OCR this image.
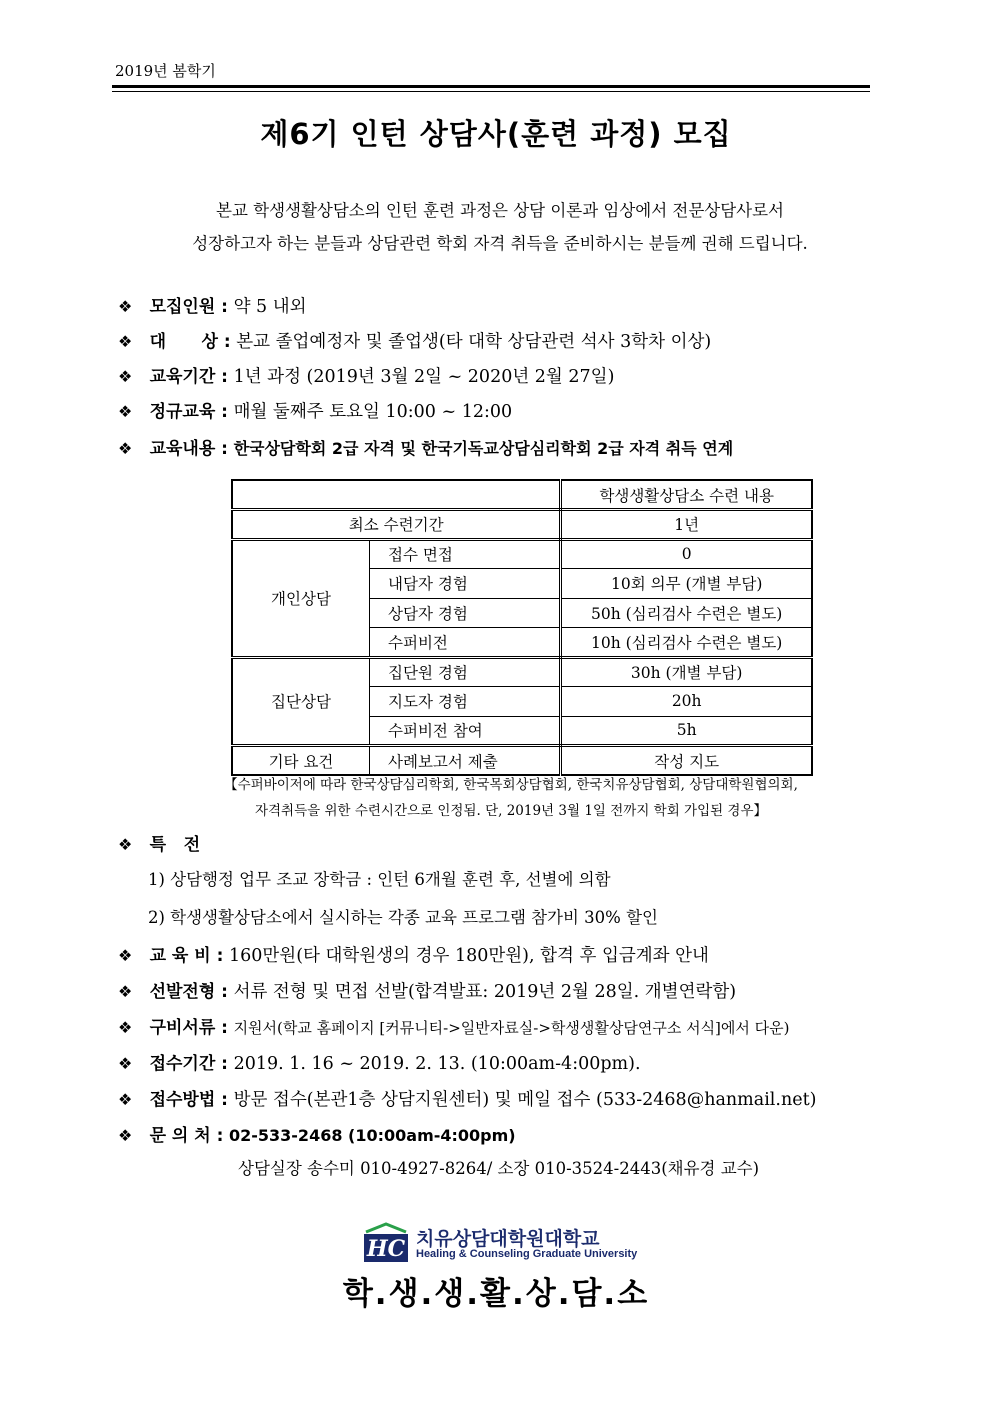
2019년 봄학기
제6기 인턴 상담사(훈련 과정) 모집
본교 학생생활상담소의 인턴 훈련 과정은 상담 이론과 임상에서 전문상담사로서
성장하고자 하는 분들과 상담관련 학회 자격 취득을 준비하시는 분들께 권해 드립니다.
❖ 모집인원 : 약 5 내외
❖ 대      상 : 본교 졸업예정자 및 졸업생(타 대학 상담관련 석사 3학차 이상)
❖ 교육기간 : 1년 과정 (2019년 3월 2일 ~ 2020년 2월 27일)
❖ 정규교육 : 매월 둘째주 토요일 10:00 ~ 12:00
❖ 교육내용 : 한국상담학회 2급 자격 및 한국기독교상담심리학회 2급 자격 취득 연계
		학생생활상담소 수련 내용
최소 수련기간		1년
개인상담	접수 면접	0
	내담자 경험	10회 의무 (개별 부담)
	상담자 경험	50h (심리검사 수련은 별도)
	수퍼비전	10h (심리검사 수련은 별도)
집단상담	집단원 경험	30h (개별 부담)
	지도자 경험	20h
	수퍼비전 참여	5h
기타 요건	사례보고서 제출	작성 지도
【수퍼바이저에 따라 한국상담심리학회, 한국목회상담협회, 한국치유상담협회, 상담대학원협의회,
자격취득을 위한 수련시간으로 인정됨. 단, 2019년 3월 1일 전까지 학회 가입된 경우】
❖ 특   전
1) 상담행정 업무 조교 장학금 : 인턴 6개월 훈련 후, 선별에 의함
2) 학생생활상담소에서 실시하는 각종 교육 프로그램 참가비 30% 할인
❖ 교 육 비 : 160만원(타 대학원생의 경우 180만원), 합격 후 입금계좌 안내
❖ 선발전형 : 서류 전형 및 면접 선발(합격발표: 2019년 2월 28일. 개별연락함)
❖ 구비서류 : 지원서(학교 홈페이지 [커뮤니티->일반자료실->학생생활상담연구소 서식]에서 다운)
❖ 접수기간 : 2019. 1. 16 ~ 2019. 2. 13. (10:00am-4:00pm).
❖ 접수방법 : 방문 접수(본관1층 상담지원센터) 및 메일 접수 (533-2468@hanmail.net)
❖ 문 의 처 : 02-533-2468 (10:00am-4:00pm)
상담실장 송수미 010-4927-8264/ 소장 010-3524-2443(채유경 교수)
HC 치유상담대학원대학교
Healing & Counseling Graduate University
학.생.생.활.상.담.소
